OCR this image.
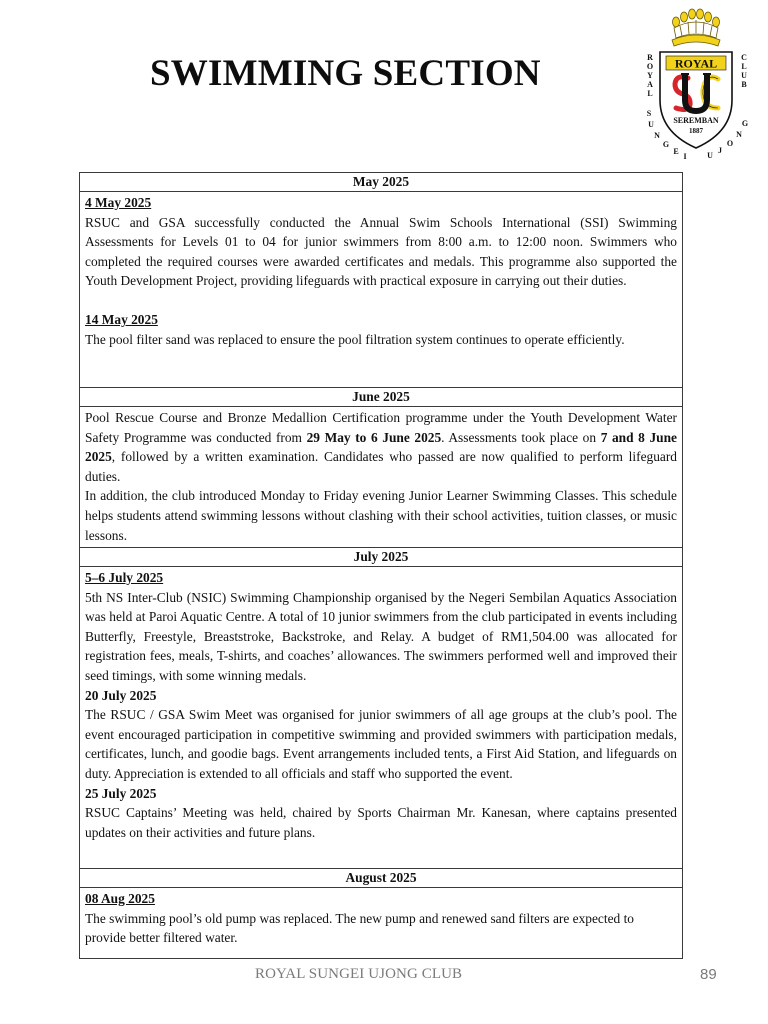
SWIMMING SECTION	ROYAL
SEREMBAN
1887
R
O
Y
A
L
C
L
U
B
S
U
N
G
E
I	U
J
O
N
G
May 2025
4 May 2025
RSUC and GSA successfully conducted the Annual Swim Schools International (SSI) Swimming Assessments for Levels 01 to 04 for junior swimmers from 8:00 a.m. to 12:00 noon. Swimmers who completed the required courses were awarded certificates and medals. This programme also supported the Youth Development Project, providing lifeguards with practical exposure in carrying out their duties.
14 May 2025
The pool filter sand was replaced to ensure the pool filtration system continues to operate efficiently.
June 2025
Pool Rescue Course and Bronze Medallion Certification programme under the Youth Development Water Safety Programme was conducted from 29 May to 6 June 2025. Assessments took place on 7 and 8 June 2025, followed by a written examination. Candidates who passed are now qualified to perform lifeguard duties.
In addition, the club introduced Monday to Friday evening Junior Learner Swimming Classes. This schedule helps students attend swimming lessons without clashing with their school activities, tuition classes, or music lessons.
July 2025
5–6 July 2025
5th NS Inter-Club (NSIC) Swimming Championship organised by the Negeri Sembilan Aquatics Association was held at Paroi Aquatic Centre. A total of 10 junior swimmers from the club participated in events including Butterfly, Freestyle, Breaststroke, Backstroke, and Relay. A budget of RM1,504.00 was allocated for registration fees, meals, T-shirts, and coaches’ allowances. The swimmers performed well and improved their seed timings, with some winning medals.
20 July 2025
The RSUC / GSA Swim Meet was organised for junior swimmers of all age groups at the club’s pool. The event encouraged participation in competitive swimming and provided swimmers with participation medals, certificates, lunch, and goodie bags. Event arrangements included tents, a First Aid Station, and lifeguards on duty. Appreciation is extended to all officials and staff who supported the event.
25 July 2025
RSUC Captains’ Meeting was held, chaired by Sports Chairman Mr. Kanesan, where captains presented updates on their activities and future plans.
August 2025
08 Aug 2025
The swimming pool’s old pump was replaced. The new pump and renewed sand filters are expected to provide better filtered water.
ROYAL SUNGEI UJONG CLUB	89
